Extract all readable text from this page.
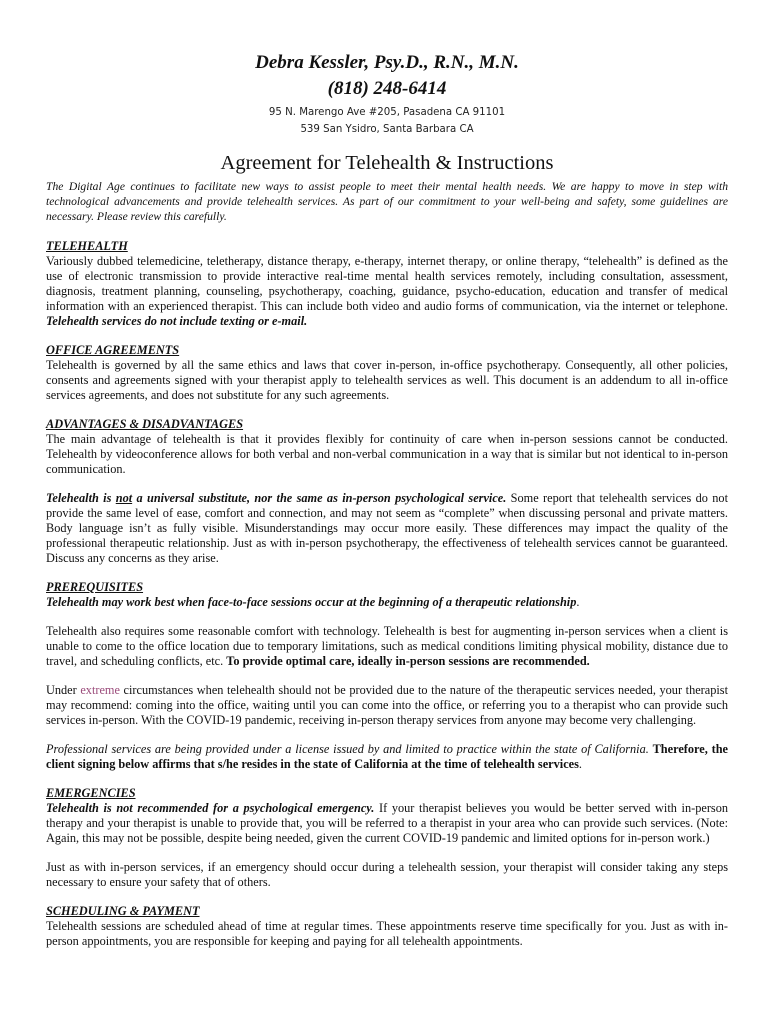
Debra Kessler, Psy.D., R.N., M.N.
(818) 248-6414
95 N. Marengo Ave #205, Pasadena CA 91101
539 San Ysidro, Santa Barbara CA
Agreement for Telehealth & Instructions
The Digital Age continues to facilitate new ways to assist people to meet their mental health needs. We are happy to move in step with technological advancements and provide telehealth services. As part of our commitment to your well-being and safety, some guidelines are necessary. Please review this carefully.
TELEHEALTH
Variously dubbed telemedicine, teletherapy, distance therapy, e-therapy, internet therapy, or online therapy, “telehealth” is defined as the use of electronic transmission to provide interactive real-time mental health services remotely, including consultation, assessment, diagnosis, treatment planning, counseling, psychotherapy, coaching, guidance, psycho-education, education and transfer of medical information with an experienced therapist. This can include both video and audio forms of communication, via the internet or telephone. Telehealth services do not include texting or e-mail.
OFFICE AGREEMENTS
Telehealth is governed by all the same ethics and laws that cover in-person, in-office psychotherapy. Consequently, all other policies, consents and agreements signed with your therapist apply to telehealth services as well. This document is an addendum to all in-office services agreements, and does not substitute for any such agreements.
ADVANTAGES & DISADVANTAGES
The main advantage of telehealth is that it provides flexibly for continuity of care when in-person sessions cannot be conducted. Telehealth by videoconference allows for both verbal and non-verbal communication in a way that is similar but not identical to in-person communication.
Telehealth is not a universal substitute, nor the same as in-person psychological service. Some report that telehealth services do not provide the same level of ease, comfort and connection, and may not seem as “complete” when discussing personal and private matters. Body language isn’t as fully visible. Misunderstandings may occur more easily. These differences may impact the quality of the professional therapeutic relationship. Just as with in-person psychotherapy, the effectiveness of telehealth services cannot be guaranteed. Discuss any concerns as they arise.
PREREQUISITES
Telehealth may work best when face-to-face sessions occur at the beginning of a therapeutic relationship.
Telehealth also requires some reasonable comfort with technology. Telehealth is best for augmenting in-person services when a client is unable to come to the office location due to temporary limitations, such as medical conditions limiting physical mobility, distance due to travel, and scheduling conflicts, etc. To provide optimal care, ideally in-person sessions are recommended.
Under extreme circumstances when telehealth should not be provided due to the nature of the therapeutic services needed, your therapist may recommend: coming into the office, waiting until you can come into the office, or referring you to a therapist who can provide such services in-person. With the COVID-19 pandemic, receiving in-person therapy services from anyone may become very challenging.
Professional services are being provided under a license issued by and limited to practice within the state of California. Therefore, the client signing below affirms that s/he resides in the state of California at the time of telehealth services.
EMERGENCIES
Telehealth is not recommended for a psychological emergency. If your therapist believes you would be better served with in-person therapy and your therapist is unable to provide that, you will be referred to a therapist in your area who can provide such services. (Note: Again, this may not be possible, despite being needed, given the current COVID-19 pandemic and limited options for in-person work.)
Just as with in-person services, if an emergency should occur during a telehealth session, your therapist will consider taking any steps necessary to ensure your safety that of others.
SCHEDULING & PAYMENT
Telehealth sessions are scheduled ahead of time at regular times. These appointments reserve time specifically for you. Just as with in-person appointments, you are responsible for keeping and paying for all telehealth appointments.
